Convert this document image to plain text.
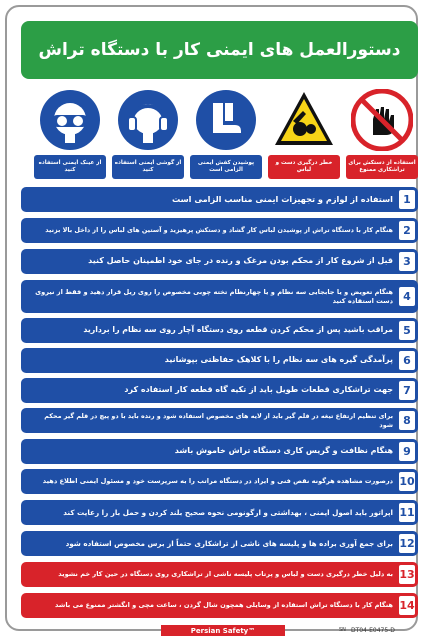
دستورالعمل های ایمنی کار با دستگاه تراش
از عینک ایمنی استفاده کنید
از گوشی ایمنی استفاده کنید
پوشیدن کفش ایمنی الزامی است
خطر درگیری دست و لباس
استفاده از دستکش برای تراشکاری ممنوع
استفاده از لوازم و تجهیزات ایمنی مناسب الزامی است 1
هنگام کار با دستگاه تراش از پوشیدن لباس کار گشاد و دستکش پرهیزید و آستین های لباس را از داخل بالا بزنید 2
قبل از شروع کار از محکم بودن مرغک و رنده در جای خود اطمینان حاصل کنید 3
هنگام تعویض و یا جابجایی سه نظام و یا چهارنظام تخته چوبی مخصوص را روی ریل قرار دهید و فقط از نیروی دست استفاده کنید 4
مراقب باشید پس از محکم کردن قطعه روی دستگاه آچار روی سه نظام را بردارید 5
پرآمدگی گیره های سه نظام را با کلاهک حفاظتی بپوشانید 6
جهت تراشکاری قطعات طویل باید از تکیه گاه قطعه کار استفاده کرد 7
برای تنظیم ارتفاع تیغه در قلم گیر باید از لایه های مخصوص استفاده شود و رنده باید با دو پیچ در قلم گیر محکم شود 8
هنگام نظافت و گریس کاری دستگاه تراش خاموش باشد 9
درصورت مشاهده هرگونه نقص فنی و ایراد در دستگاه مراتب را به سرپرست خود و مسئول ایمنی اطلاع دهید 10
اپراتور باید اصول ایمنی ، بهداشتی و ارگونومی نحوه صحیح بلند کردن و حمل بار را رعایت کند 11
برای جمع آوری براده ها و پلیسه های ناشی از تراشکاری حتماً از برس مخصوص استفاده شود 12
به دلیل خطر درگیری دست و لباس و پرتاب پلیسه ناشی از تراشکاری روی دستگاه در حین کار خم نشوید 13
هنگام کار با دستگاه تراش استفاده از وسایلی همچون شال گردن ، ساعت مچی و انگشتر ممنوع می باشد 14
Persian Safety™	SN DT04-E0475-D
